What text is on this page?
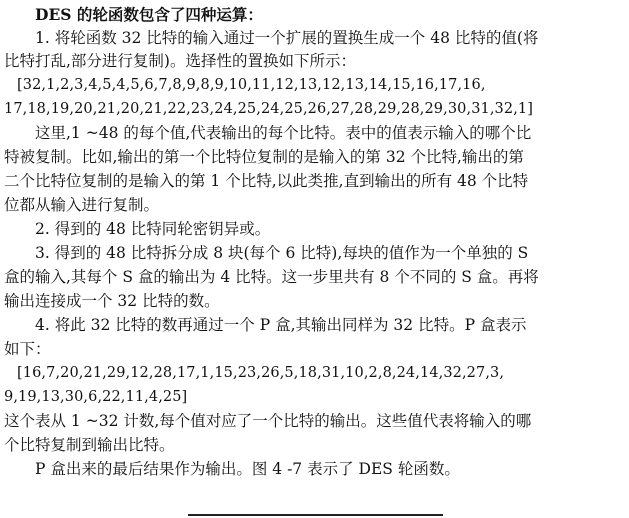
DES 的轮函数包含了四种运算：
1. 将轮函数 32 比特的输入通过一个扩展的置换生成一个 48 比特的值(将
比特打乱,部分进行复制)。选择性的置换如下所示：
[32,1,2,3,4,5,4,5,6,7,8,9,8,9,10,11,12,13,12,13,14,15,16,17,16,
17,18,19,20,21,20,21,22,23,24,25,24,25,26,27,28,29,28,29,30,31,32,1]
这里,1 ~48 的每个值,代表输出的每个比特。表中的值表示输入的哪个比
特被复制。比如,输出的第一个比特位复制的是输入的第 32 个比特,输出的第
二个比特位复制的是输入的第 1 个比特,以此类推,直到输出的所有 48 个比特
位都从输入进行复制。
2. 得到的 48 比特同轮密钥异或。
3. 得到的 48 比特拆分成 8 块(每个 6 比特),每块的值作为一个单独的 S
盒的输入,其每个 S 盒的输出为 4 比特。这一步里共有 8 个不同的 S 盒。再将
输出连接成一个 32 比特的数。
4. 将此 32 比特的数再通过一个 P 盒,其输出同样为 32 比特。P 盒表示
如下：
[16,7,20,21,29,12,28,17,1,15,23,26,5,18,31,10,2,8,24,14,32,27,3,
9,19,13,30,6,22,11,4,25]
这个表从 1 ~32 计数,每个值对应了一个比特的输出。这些值代表将输入的哪
个比特复制到输出比特。
P 盒出来的最后结果作为输出。图 4 -7 表示了 DES 轮函数。
